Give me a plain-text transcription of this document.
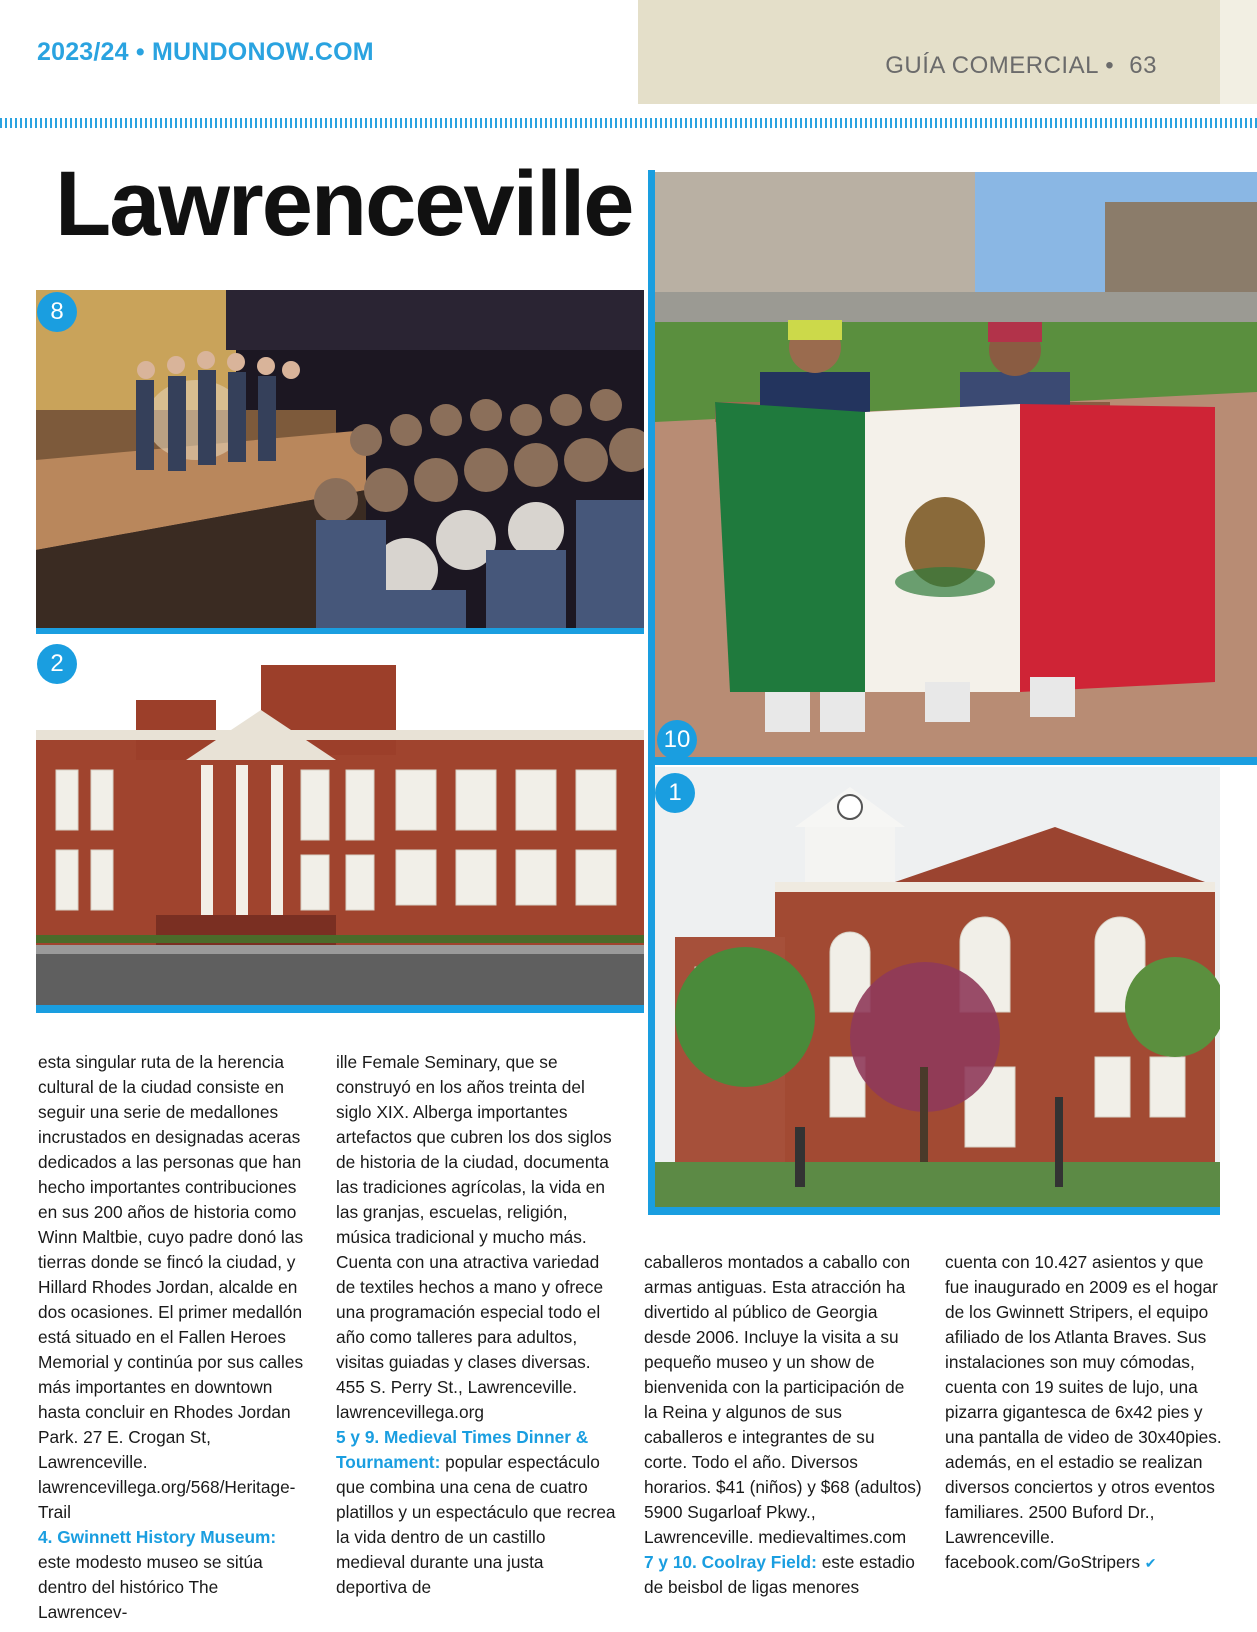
2023/24 • MUNDONOW.COM	GUÍA COMERCIAL • 63
Lawrenceville
8
2
10
1

esta singular ruta de la herencia cultural de la ciudad consiste en seguir una serie de medallones incrustados en designadas aceras dedicados a las personas que han hecho importantes contribuciones en sus 200 años de historia como Winn Maltbie, cuyo padre donó las tierras donde se fincó la ciudad, y Hillard Rhodes Jordan, alcalde en dos ocasiones. El primer medallón está situado en el Fallen Heroes Memorial y continúa por sus calles más importantes en downtown hasta concluir en Rhodes Jordan Park. 27 E. Crogan St, Lawrenceville. lawrencevillega.org/568/Heritage-Trail

4. Gwinnett History Museum: este modesto museo se sitúa dentro del histórico The Lawrencev-

ille Female Seminary, que se construyó en los años treinta del siglo XIX. Alberga importantes artefactos que cubren los dos siglos de historia de la ciudad, documenta las tradiciones agrícolas, la vida en las granjas, escuelas, religión, música tradicional y mucho más. Cuenta con una atractiva variedad de textiles hechos a mano y ofrece una programación especial todo el año como talleres para adultos, visitas guiadas y clases diversas. 455 S. Perry St., Lawrenceville. lawrencevillega.org

5 y 9. Medieval Times Dinner & Tournament: popular espectáculo que combina una cena de cuatro platillos y un espectáculo que recrea la vida dentro de un castillo medieval durante una justa deportiva de

caballeros montados a caballo con armas antiguas. Esta atracción ha divertido al público de Georgia desde 2006. Incluye la visita a su pequeño museo y un show de bienvenida con la participación de la Reina y algunos de sus caballeros e integrantes de su corte. Todo el año. Diversos horarios. $41 (niños) y $68 (adultos) 5900 Sugarloaf Pkwy., Lawrenceville. medievaltimes.com

7 y 10. Coolray Field: este estadio de beisbol de ligas menores

cuenta con 10.427 asientos y que fue inaugurado en 2009 es el hogar de los Gwinnett Stripers, el equipo afiliado de los Atlanta Braves. Sus instalaciones son muy cómodas, cuenta con 19 suites de lujo, una pizarra gigantesca de 6x42 pies y una pantalla de video de 30x40pies. además, en el estadio se realizan diversos conciertos y otros eventos familiares. 2500 Buford Dr., Lawrenceville. facebook.com/GoStripers ✔
